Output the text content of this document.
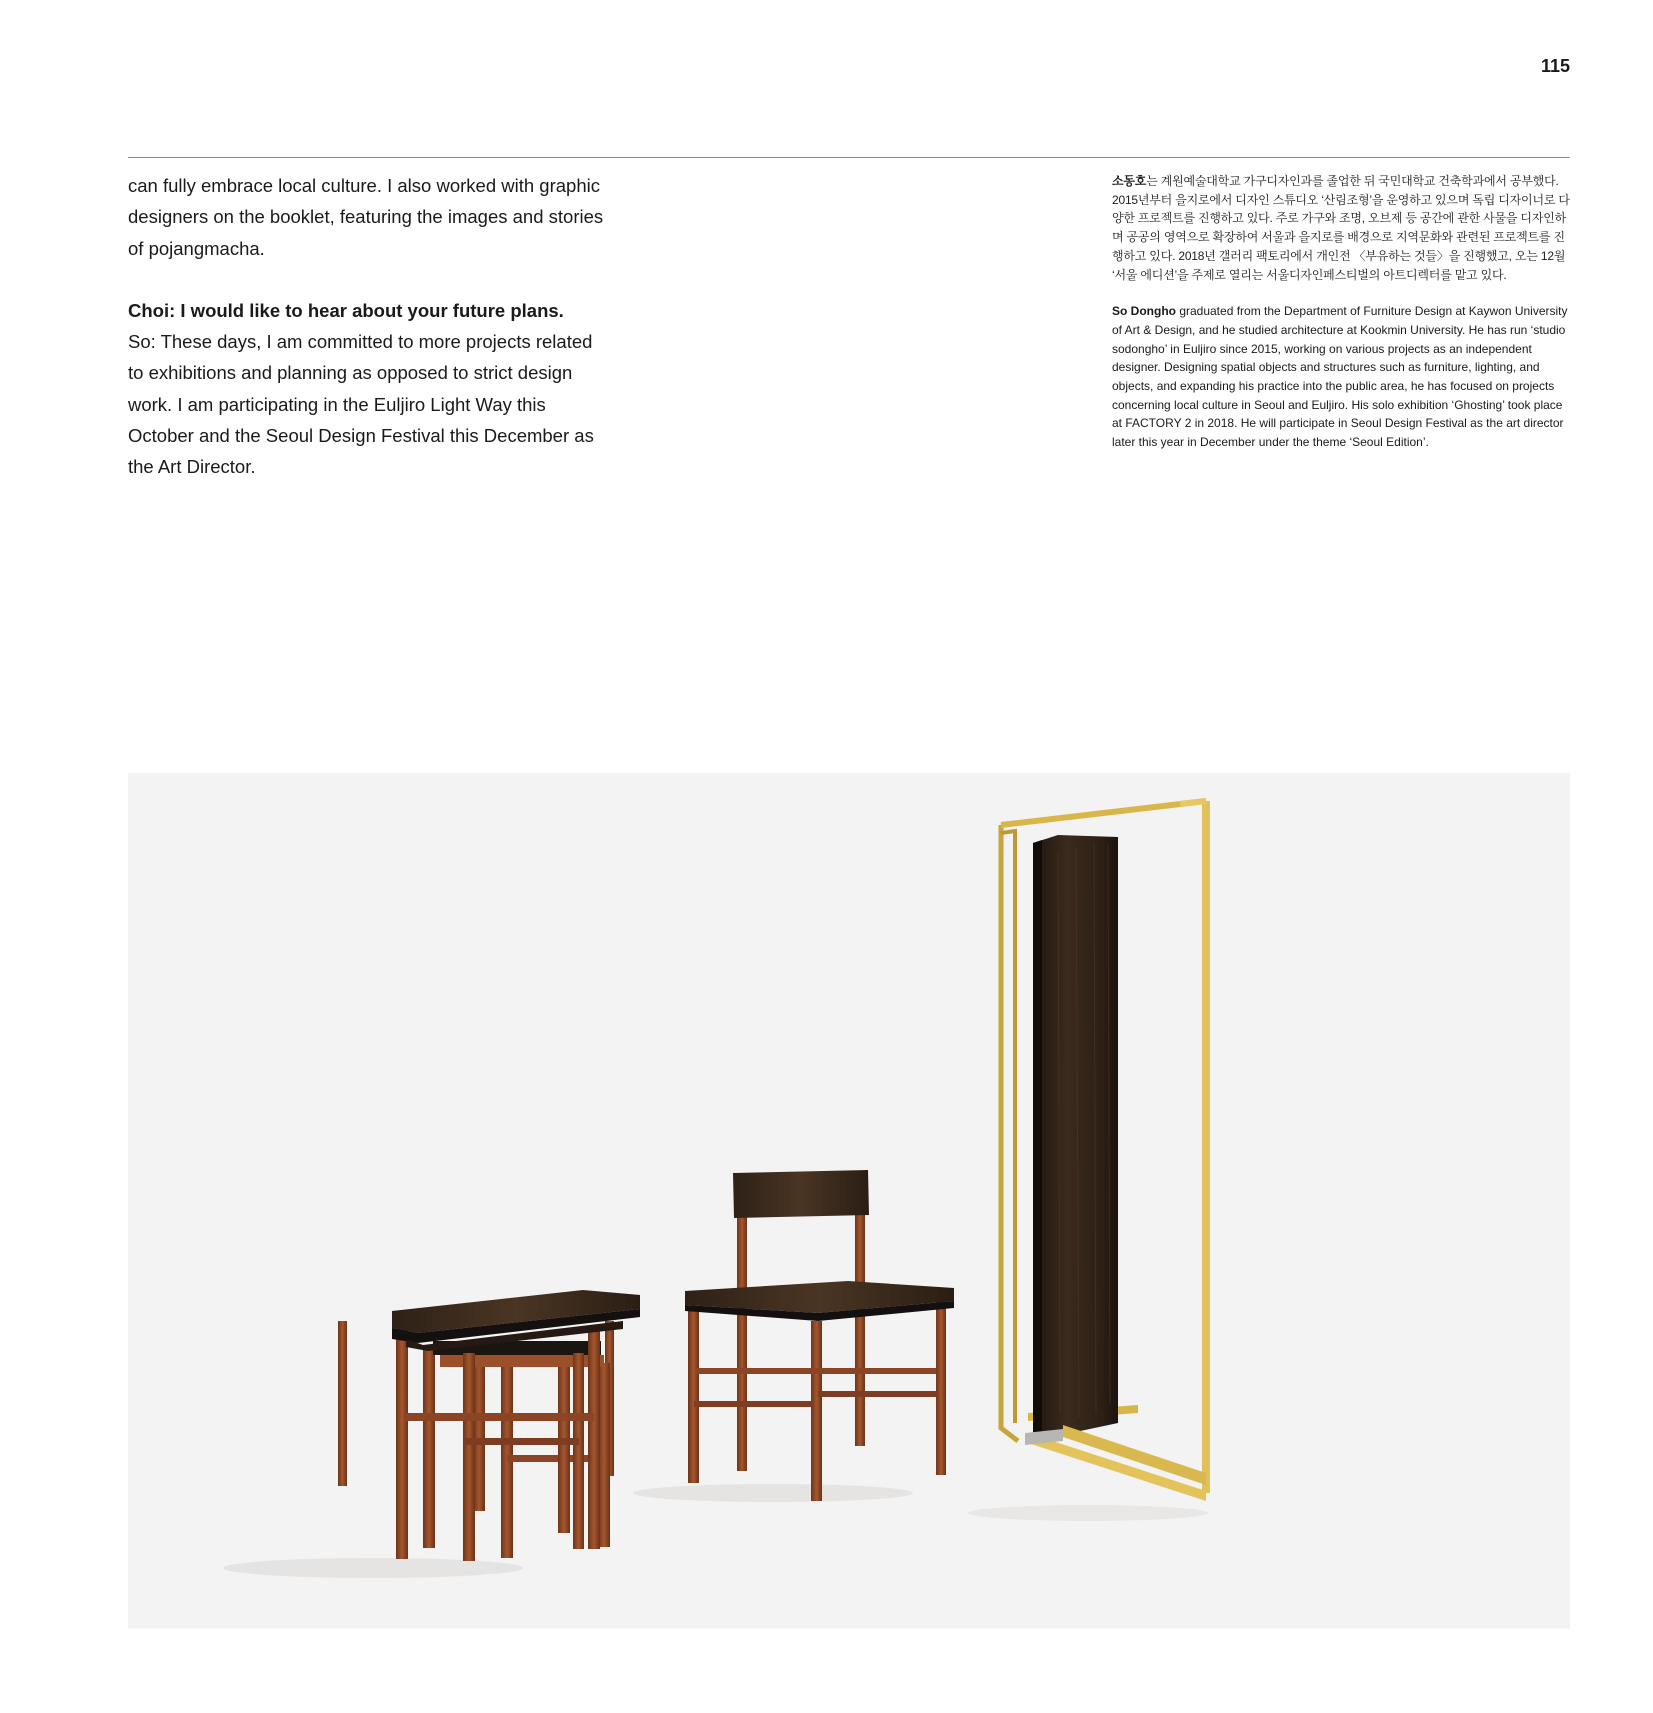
115

can fully embrace local culture. I also worked with graphic designers on the booklet, featuring the images and stories of pojangmacha.

Choi: I would like to hear about your future plans.

So: These days, I am committed to more projects related to exhibitions and planning as opposed to strict design work. I am participating in the Euljiro Light Way this October and the Seoul Design Festival this December as the Art Director.

소동호는 계원예술대학교 가구디자인과를 졸업한 뒤 국민대학교 건축학과에서 공부했다. 2015년부터 을지로에서 디자인 스튜디오 ‘산림조형’을 운영하고 있으며 독립 디자이너로 다양한 프로젝트를 진행하고 있다. 주로 가구와 조명, 오브제 등 공간에 관한 사물을 디자인하며 공공의 영역으로 확장하여 서울과 을지로를 배경으로 지역문화와 관련된 프로젝트를 진행하고 있다. 2018년 갤러리 팩토리에서 개인전 〈부유하는 것들〉을 진행했고, 오는 12월 ‘서울 에디션’을 주제로 열리는 서울디자인페스티벌의 아트디렉터를 맡고 있다.

So Dongho graduated from the Department of Furniture Design at Kaywon University of Art & Design, and he studied architecture at Kookmin University. He has run ‘studio sodongho’ in Euljiro since 2015, working on various projects as an independent designer. Designing spatial objects and structures such as furniture, lighting, and objects, and expanding his practice into the public area, he has focused on projects concerning local culture in Seoul and Euljiro. His solo exhibition ‘Ghosting’ took place at FACTORY 2 in 2018. He will participate in Seoul Design Festival as the art director later this year in December under the theme ‘Seoul Edition’.
